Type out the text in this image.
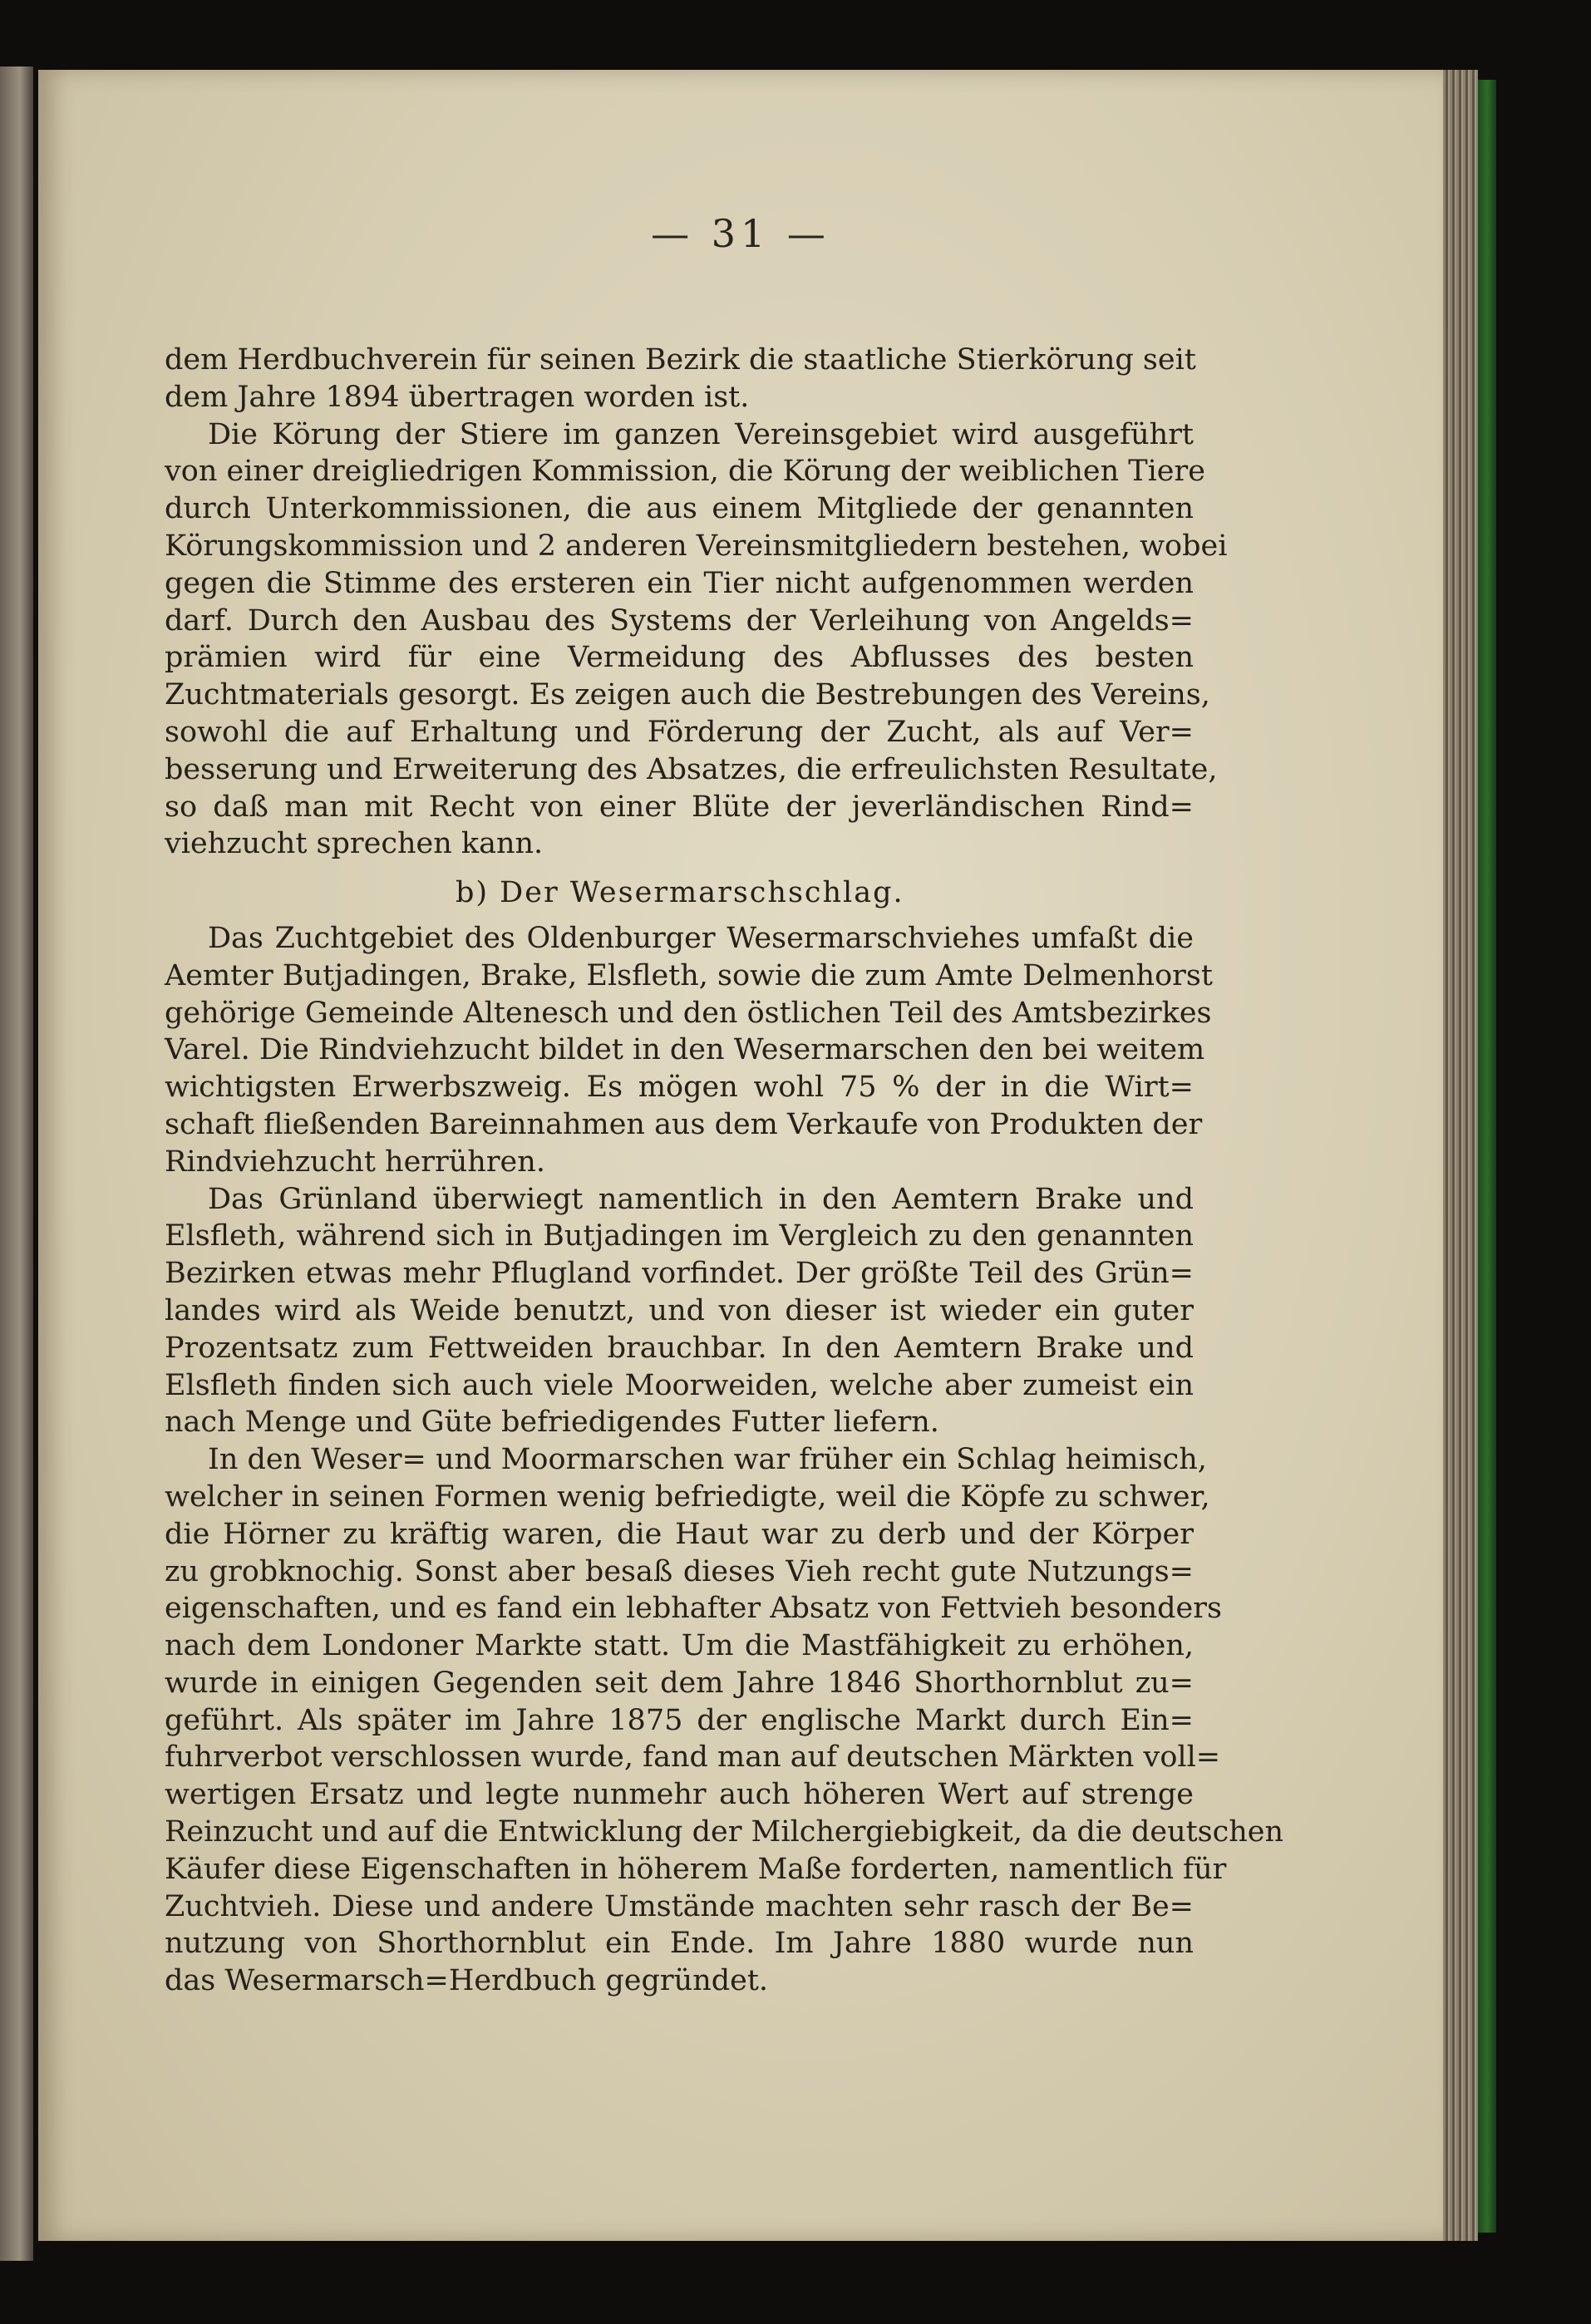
— 31 —
dem Herdbuchverein für seinen Bezirk die staatliche Stierkörung seit
dem Jahre 1894 übertragen worden ist.
Die Körung der Stiere im ganzen Vereinsgebiet wird ausgeführt
von einer dreigliedrigen Kommission, die Körung der weiblichen Tiere
durch Unterkommissionen, die aus einem Mitgliede der genannten
Körungskommission und 2 anderen Vereinsmitgliedern bestehen, wobei
gegen die Stimme des ersteren ein Tier nicht aufgenommen werden
darf. Durch den Ausbau des Systems der Verleihung von Angelds=
prämien wird für eine Vermeidung des Abflusses des besten
Zuchtmaterials gesorgt. Es zeigen auch die Bestrebungen des Vereins,
sowohl die auf Erhaltung und Förderung der Zucht, als auf Ver=
besserung und Erweiterung des Absatzes, die erfreulichsten Resultate,
so daß man mit Recht von einer Blüte der jeverländischen Rind=
viehzucht sprechen kann.
b) Der Wesermarschschlag.
Das Zuchtgebiet des Oldenburger Wesermarschviehes umfaßt die
Aemter Butjadingen, Brake, Elsfleth, sowie die zum Amte Delmenhorst
gehörige Gemeinde Altenesch und den östlichen Teil des Amtsbezirkes
Varel. Die Rindviehzucht bildet in den Wesermarschen den bei weitem
wichtigsten Erwerbszweig. Es mögen wohl 75 % der in die Wirt=
schaft fließenden Bareinnahmen aus dem Verkaufe von Produkten der
Rindviehzucht herrühren.
Das Grünland überwiegt namentlich in den Aemtern Brake und
Elsfleth, während sich in Butjadingen im Vergleich zu den genannten
Bezirken etwas mehr Pflugland vorfindet. Der größte Teil des Grün=
landes wird als Weide benutzt, und von dieser ist wieder ein guter
Prozentsatz zum Fettweiden brauchbar. In den Aemtern Brake und
Elsfleth finden sich auch viele Moorweiden, welche aber zumeist ein
nach Menge und Güte befriedigendes Futter liefern.
In den Weser= und Moormarschen war früher ein Schlag heimisch,
welcher in seinen Formen wenig befriedigte, weil die Köpfe zu schwer,
die Hörner zu kräftig waren, die Haut war zu derb und der Körper
zu grobknochig. Sonst aber besaß dieses Vieh recht gute Nutzungs=
eigenschaften, und es fand ein lebhafter Absatz von Fettvieh besonders
nach dem Londoner Markte statt. Um die Mastfähigkeit zu erhöhen,
wurde in einigen Gegenden seit dem Jahre 1846 Shorthornblut zu=
geführt. Als später im Jahre 1875 der englische Markt durch Ein=
fuhrverbot verschlossen wurde, fand man auf deutschen Märkten voll=
wertigen Ersatz und legte nunmehr auch höheren Wert auf strenge
Reinzucht und auf die Entwicklung der Milchergiebigkeit, da die deutschen
Käufer diese Eigenschaften in höherem Maße forderten, namentlich für
Zuchtvieh. Diese und andere Umstände machten sehr rasch der Be=
nutzung von Shorthornblut ein Ende. Im Jahre 1880 wurde nun
das Wesermarsch=Herdbuch gegründet.
